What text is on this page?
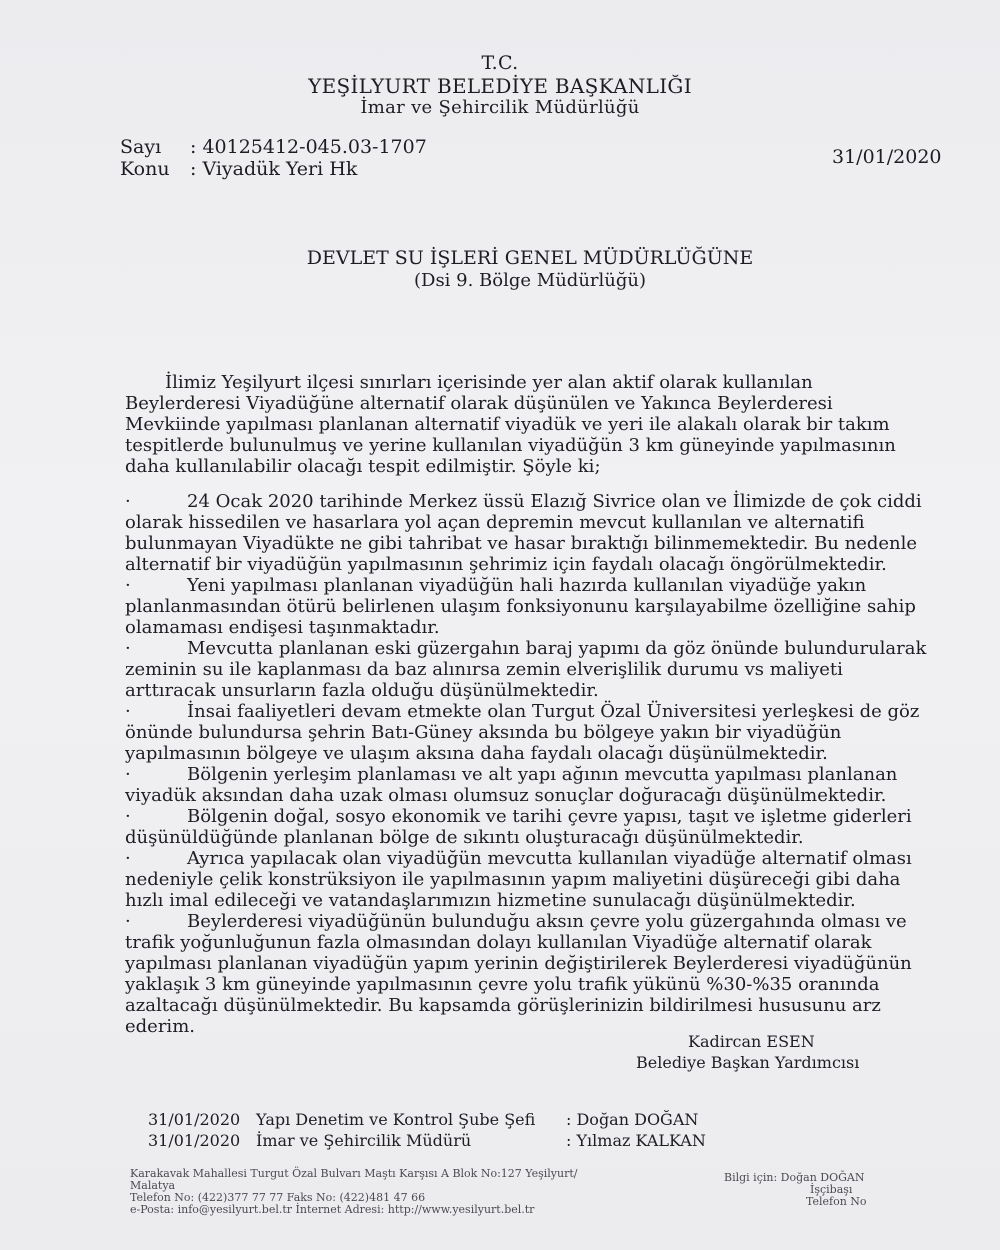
T.C.
YEŞİLYURT BELEDİYE BAŞKANLIĞI
İmar ve Şehircilik Müdürlüğü
Sayı : 40125412-045.03-1707
Konu : Viyadük Yeri Hk
31/01/2020
DEVLET SU İŞLERİ GENEL MÜDÜRLÜĞÜNE
(Dsi 9. Bölge Müdürlüğü)
İlimiz Yeşilyurt ilçesi sınırları içerisinde yer alan aktif olarak kullanılan
Beylerderesi Viyadüğüne alternatif olarak düşünülen ve Yakınca Beylerderesi
Mevkiinde yapılması planlanan alternatif viyadük ve yeri ile alakalı olarak bir takım
tespitlerde bulunulmuş ve yerine kullanılan viyadüğün 3 km güneyinde yapılmasının
daha kullanılabilir olacağı tespit edilmiştir. Şöyle ki;
·	24 Ocak 2020 tarihinde Merkez üssü Elazığ Sivrice olan ve İlimizde de çok ciddi
olarak hissedilen ve hasarlara yol açan depremin mevcut kullanılan ve alternatifi
bulunmayan Viyadükte ne gibi tahribat ve hasar bıraktığı bilinmemektedir. Bu nedenle
alternatif bir viyadüğün yapılmasının şehrimiz için faydalı olacağı öngörülmektedir.
·	Yeni yapılması planlanan viyadüğün hali hazırda kullanılan viyadüğe yakın
planlanmasından ötürü belirlenen ulaşım fonksiyonunu karşılayabilme özelliğine sahip
olamaması endişesi taşınmaktadır.
·	Mevcutta planlanan eski güzergahın baraj yapımı da göz önünde bulundurularak
zeminin su ile kaplanması da baz alınırsa zemin elverişlilik durumu vs maliyeti
arttıracak unsurların fazla olduğu düşünülmektedir.
·	İnsai faaliyetleri devam etmekte olan Turgut Özal Üniversitesi yerleşkesi de göz
önünde bulundursa şehrin Batı-Güney aksında bu bölgeye yakın bir viyadüğün
yapılmasının bölgeye ve ulaşım aksına daha faydalı olacağı düşünülmektedir.
·	Bölgenin yerleşim planlaması ve alt yapı ağının mevcutta yapılması planlanan
viyadük aksından daha uzak olması olumsuz sonuçlar doğuracağı düşünülmektedir.
·	Bölgenin doğal, sosyo ekonomik ve tarihi çevre yapısı, taşıt ve işletme giderleri
düşünüldüğünde planlanan bölge de sıkıntı oluşturacağı düşünülmektedir.
·	Ayrıca yapılacak olan viyadüğün mevcutta kullanılan viyadüğe alternatif olması
nedeniyle çelik konstrüksiyon ile yapılmasının yapım maliyetini düşüreceği gibi daha
hızlı imal edileceği ve vatandaşlarımızın hizmetine sunulacağı düşünülmektedir.
·	Beylerderesi viyadüğünün bulunduğu aksın çevre yolu güzergahında olması ve
trafik yoğunluğunun fazla olmasından dolayı kullanılan Viyadüğe alternatif olarak
yapılması planlanan viyadüğün yapım yerinin değiştirilerek Beylerderesi viyadüğünün
yaklaşık 3 km güneyinde yapılmasının çevre yolu trafik yükünü %30-%35 oranında
azaltacağı düşünülmektedir. Bu kapsamda görüşlerinizin bildirilmesi hususunu arz
ederim.
Kadircan ESEN
Belediye Başkan Yardımcısı
31/01/2020 Yapı Denetim ve Kontrol Şube Şefi : Doğan DOĞAN
31/01/2020 İmar ve Şehircilik Müdürü	: Yılmaz KALKAN
Karakavak Mahallesi Turgut Özal Bulvarı Maştı Karşısı A Blok No:127 Yeşilyurt/
Malatya
Telefon No: (422)377 77 77 Faks No: (422)481 47 66
e-Posta: info@yesilyurt.bel.tr İnternet Adresi: http://www.yesilyurt.bel.tr
Bilgi için: Doğan DOĞAN
İşçibaşı
Telefon No
